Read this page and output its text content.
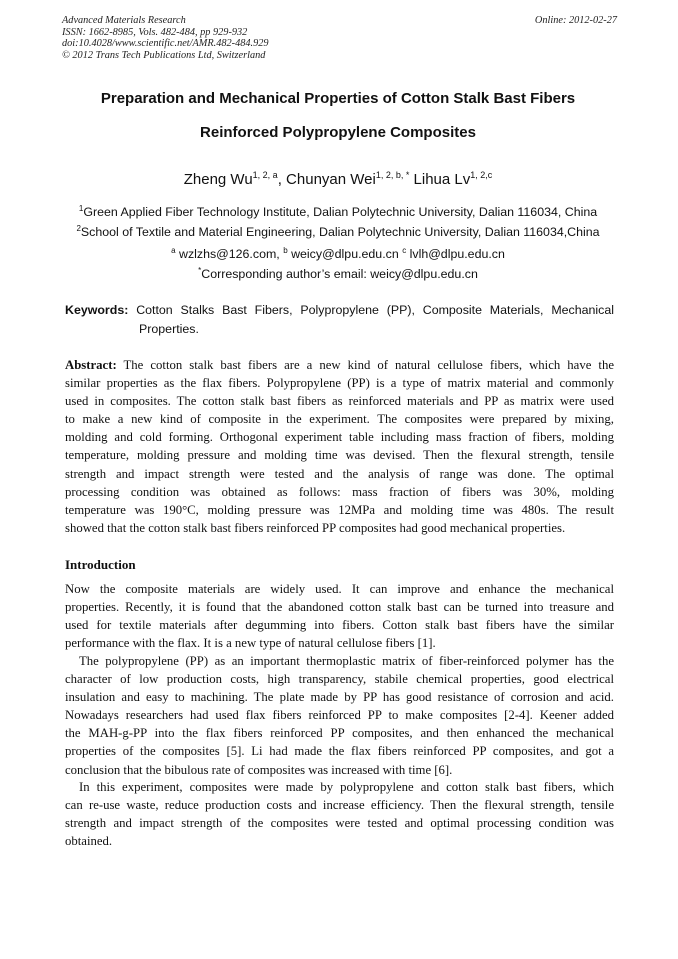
Advanced Materials Research
ISSN: 1662-8985, Vols. 482-484, pp 929-932
doi:10.4028/www.scientific.net/AMR.482-484.929
© 2012 Trans Tech Publications Ltd, Switzerland
Online: 2012-02-27
Preparation and Mechanical Properties of Cotton Stalk Bast Fibers
Reinforced Polypropylene Composites
Zheng Wu$^{1, 2, a}$, Chunyan Wei$^{1, 2, b, *}$ Lihua Lv$^{1, 2,c}$
$^1$Green Applied Fiber Technology Institute, Dalian Polytechnic University, Dalian 116034, China
$^2$School of Textile and Material Engineering, Dalian Polytechnic University, Dalian 116034,China
$^a$ wzlzhs@126.com, $^b$ weicy@dlpu.edu.cn $^c$ lvlh@dlpu.edu.cn
*Corresponding author’s email: weicy@dlpu.edu.cn
Keywords: Cotton Stalks Bast Fibers, Polypropylene (PP), Composite Materials, Mechanical
Properties.
Abstract: The cotton stalk bast fibers are a new kind of natural cellulose fibers, which have the
similar properties as the flax fibers. Polypropylene (PP) is a type of matrix material and commonly
used in composites. The cotton stalk bast fibers as reinforced materials and PP as matrix were used
to make a new kind of composite in the experiment. The composites were prepared by mixing,
molding and cold forming. Orthogonal experiment table including mass fraction of fibers, molding
temperature, molding pressure and molding time was devised. Then the flexural strength, tensile
strength and impact strength were tested and the analysis of range was done. The optimal
processing condition was obtained as follows: mass fraction of fibers was 30%, molding
temperature was 190°C, molding pressure was 12MPa and molding time was 480s. The result
showed that the cotton stalk bast fibers reinforced PP composites had good mechanical properties.
Introduction
Now the composite materials are widely used. It can improve and enhance the mechanical
properties. Recently, it is found that the abandoned cotton stalk bast can be turned into treasure and
used for textile materials after degumming into fibers. Cotton stalk bast fibers have the similar
performance with the flax. It is a new type of natural cellulose fibers [1].
The polypropylene (PP) as an important thermoplastic matrix of fiber-reinforced polymer has the
character of low production costs, high transparency, stabile chemical properties, good electrical
insulation and easy to machining. The plate made by PP has good resistance of corrosion and acid.
Nowadays researchers had used flax fibers reinforced PP to make composites [2-4]. Keener added
the MAH-g-PP into the flax fibers reinforced PP composites, and then enhanced the mechanical
properties of the composites [5]. Li had made the flax fibers reinforced PP composites, and got a
conclusion that the bibulous rate of composites was increased with time [6].
In this experiment, composites were made by polypropylene and cotton stalk bast fibers, which
can re-use waste, reduce production costs and increase efficiency. Then the flexural strength, tensile
strength and impact strength of the composites were tested and optimal processing condition was
obtained.
